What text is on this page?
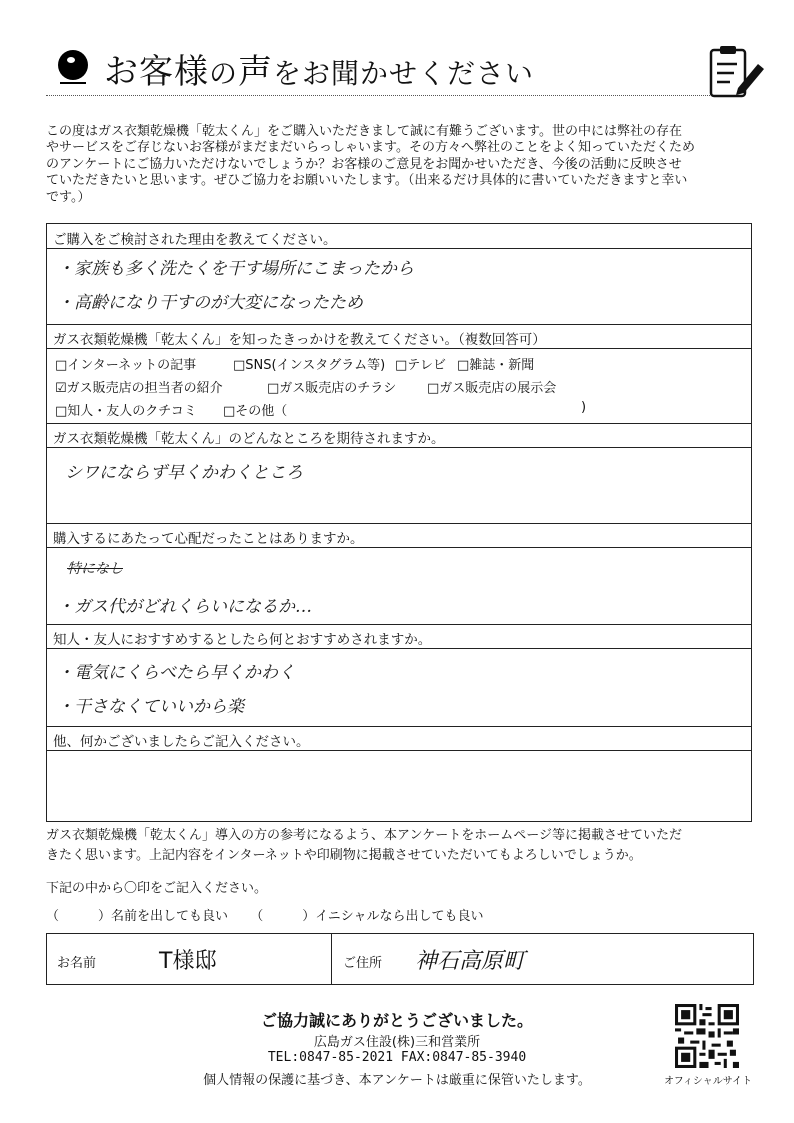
お客様の声をお聞かせください
この度はガス衣類乾燥機「乾太くん」をご購入いただきまして誠に有難うございます。世の中には弊社の存在
やサービスをご存じないお客様がまだまだいらっしゃいます。その方々へ弊社のことをよく知っていただくため
のアンケートにご協力いただけないでしょうか？お客様のご意見をお聞かせいただき、今後の活動に反映させ
ていただきたいと思います。ぜひご協力をお願いいたします。（出来るだけ具体的に書いていただきますと幸い
です。）
ご購入をご検討された理由を教えてください。
・家族も多く洗たくを干す場所にこまったから
・高齢になり干すのが大変になったため
ガス衣類乾燥機「乾太くん」を知ったきっかけを教えてください。（複数回答可）
□インターネットの記事	□SNS(インスタグラム等) □テレビ □雑誌・新聞
☑ガス販売店の担当者の紹介	□ガス販売店のチラシ □ガス販売店の展示会
□知人・友人のクチコミ □その他（	)
ガス衣類乾燥機「乾太くん」のどんなところを期待されますか。
シワにならず早くかわくところ
購入するにあたって心配だったことはありますか。
特になし
・ガス代がどれくらいになるか…
知人・友人におすすめするとしたら何とおすすめされますか。
・電気にくらべたら早くかわく
・干さなくていいから楽
他、何かございましたらご記入ください。
ガス衣類乾燥機「乾太くん」導入の方の参考になるよう、本アンケートをホームページ等に掲載させていただ
きたく思います。上記内容をインターネットや印刷物に掲載させていただいてもよろしいでしょうか。
下記の中から〇印をご記入ください。
（　　　）名前を出しても良い （　　　）イニシャルなら出しても良い
お名前	T様邸	ご住所 神石高原町
ご協力誠にありがとうございました。
広島ガス住設(株)三和営業所
TEL:0847-85-2021 FAX:0847-85-3940
個人情報の保護に基づき、本アンケートは厳重に保管いたします。	オフィシャルサイト
